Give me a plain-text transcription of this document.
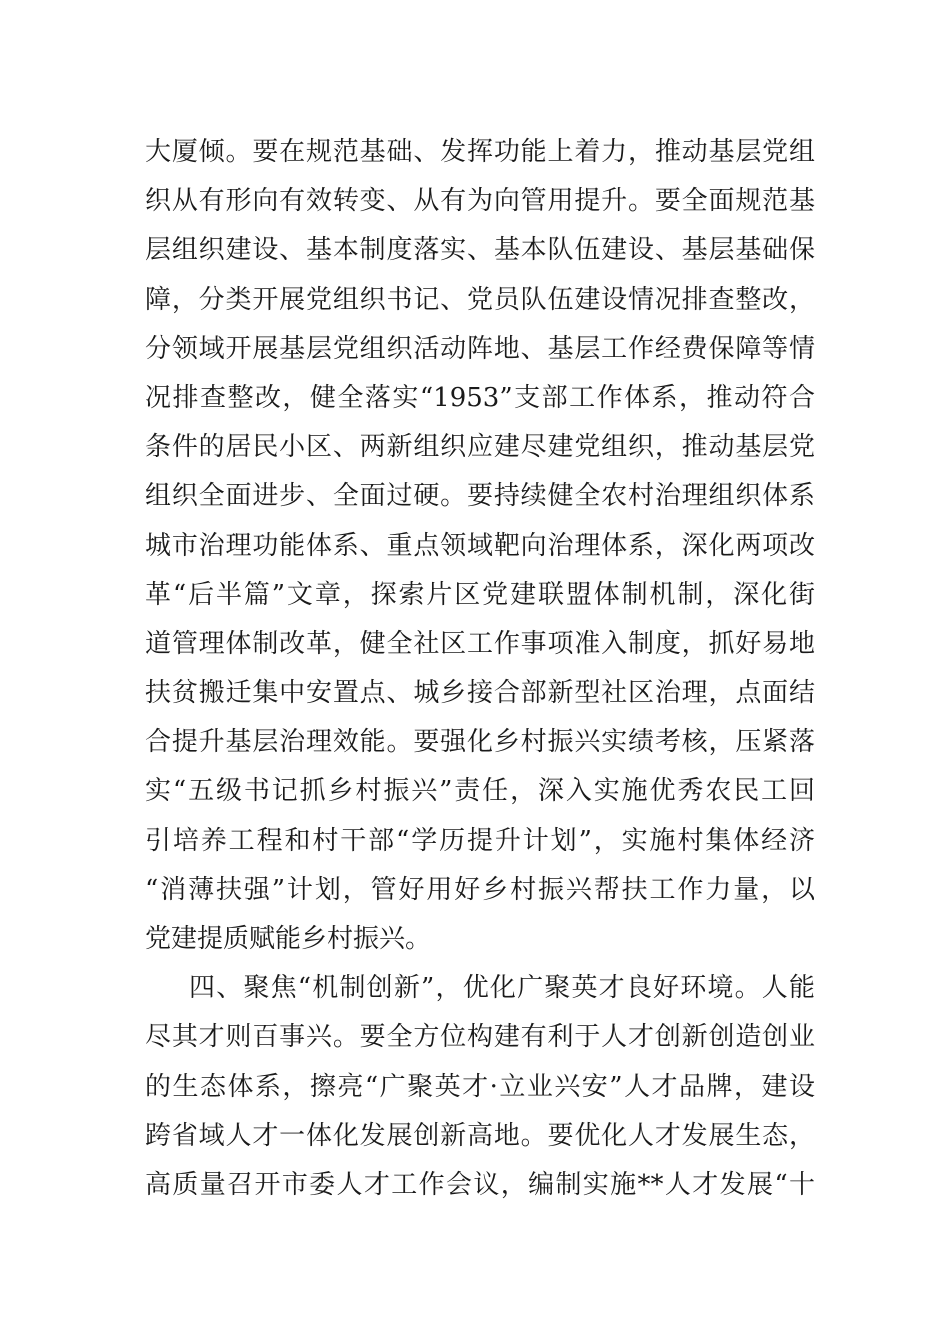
大厦倾。要在规范基础、发挥功能上着力，推动基层党组
织从有形向有效转变、从有为向管用提升。要全面规范基
层组织建设、基本制度落实、基本队伍建设、基层基础保
障，分类开展党组织书记、党员队伍建设情况排查整改，
分领域开展基层党组织活动阵地、基层工作经费保障等情
况排查整改，健全落实“1953”支部工作体系，推动符合
条件的居民小区、两新组织应建尽建党组织，推动基层党
组织全面进步、全面过硬。要持续健全农村治理组织体系
城市治理功能体系、重点领域靶向治理体系，深化两项改
革“后半篇”文章，探索片区党建联盟体制机制，深化街
道管理体制改革，健全社区工作事项准入制度，抓好易地
扶贫搬迁集中安置点、城乡接合部新型社区治理，点面结
合提升基层治理效能。要强化乡村振兴实绩考核，压紧落
实“五级书记抓乡村振兴”责任，深入实施优秀农民工回
引培养工程和村干部“学历提升计划”，实施村集体经济
“消薄扶强”计划，管好用好乡村振兴帮扶工作力量，以
党建提质赋能乡村振兴。
四、聚焦“机制创新”，优化广聚英才良好环境。人能
尽其才则百事兴。要全方位构建有利于人才创新创造创业
的生态体系，擦亮“广聚英才·立业兴安”人才品牌，建设
跨省域人才一体化发展创新高地。要优化人才发展生态，
高质量召开市委人才工作会议，编制实施**人才发展“十
